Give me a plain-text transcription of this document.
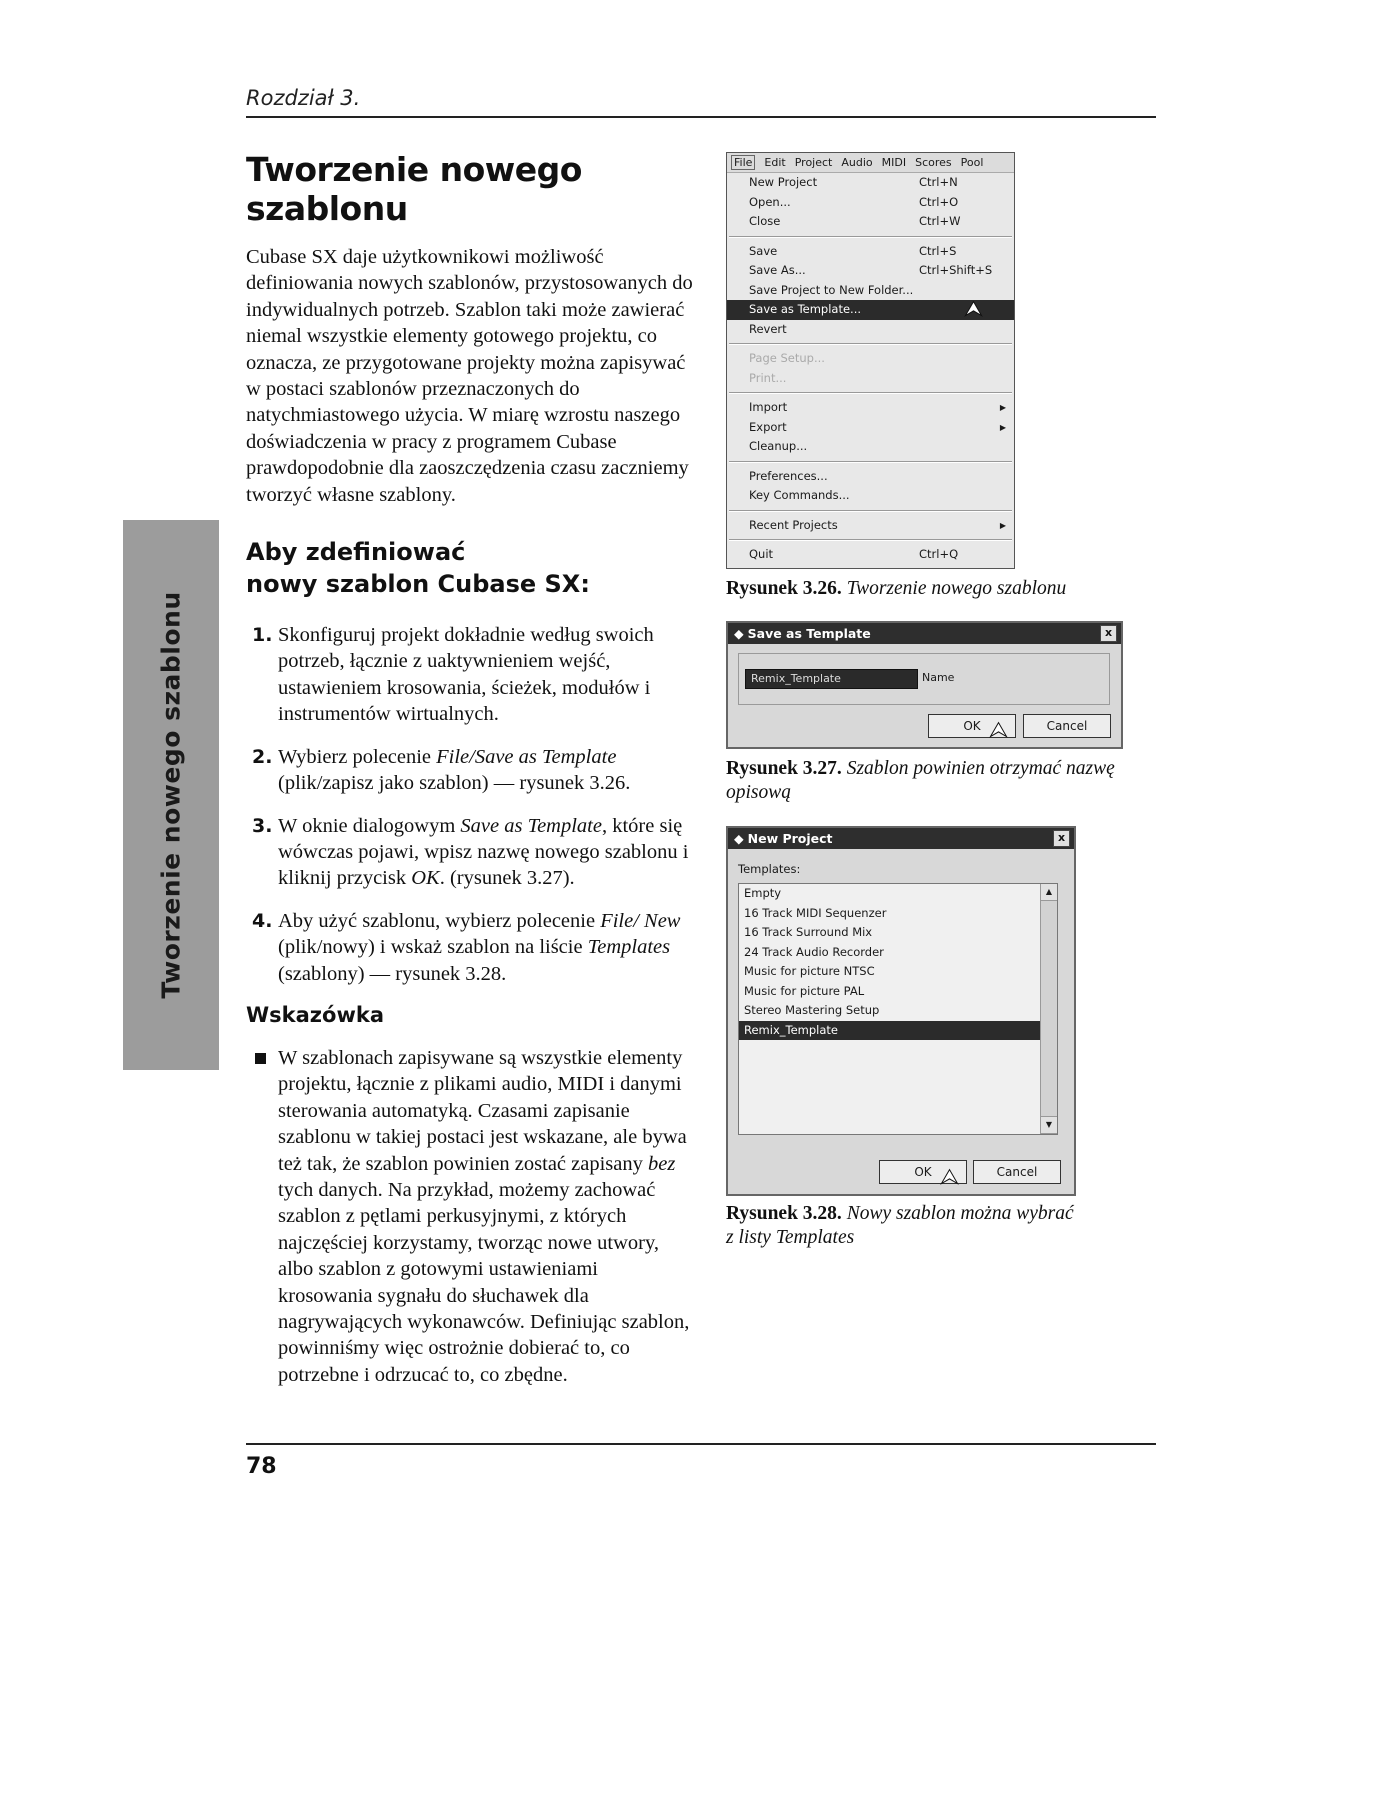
Rozdział 3.
Tworzenie nowego szablonu
Tworzenie nowego szablonu

Cubase SX daje użytkownikowi możliwość definiowania nowych szablonów, przystosowanych do indywidualnych potrzeb. Szablon taki może zawierać niemal wszystkie elementy gotowego projektu, co oznacza, ze przygotowane projekty można zapisywać w postaci szablonów przeznaczonych do natychmiastowego użycia. W miarę wzrostu naszego doświadczenia w pracy z programem Cubase prawdopodobnie dla zaoszczędzenia czasu zaczniemy tworzyć własne szablony.

Aby zdefiniować
nowy szablon Cubase SX:
1. Skonfiguruj projekt dokładnie według swoich potrzeb, łącznie z uaktywnieniem wejść, ustawieniem krosowania, ścieżek, modułów i instrumentów wirtualnych.
2. Wybierz polecenie File/Save as Template (plik/zapisz jako szablon) — rysunek 3.26.
3. W oknie dialogowym Save as Template, które się wówczas pojawi, wpisz nazwę nowego szablonu i kliknij przycisk OK. (rysunek 3.27).
4. Aby użyć szablonu, wybierz polecenie File/ New (plik/nowy) i wskaż szablon na liście Templates (szablony) — rysunek 3.28.
Wskazówka
W szablonach zapisywane są wszystkie elementy projektu, łącznie z plikami audio, MIDI i danymi sterowania automatyką. Czasami zapisanie szablonu w takiej postaci jest wskazane, ale bywa też tak, że szablon powinien zostać zapisany bez tych danych. Na przykład, możemy zachować szablon z pętlami perkusyjnymi, z których najczęściej korzystamy, tworząc nowe utwory, albo szablon z gotowymi ustawieniami krosowania sygnału do słuchawek dla nagrywających wykonawców. Definiując szablon, powinniśmy więc ostrożnie dobierać to, co potrzebne i odrzucać to, co zbędne.
File Edit Project Audio MIDI Scores Pool
New Project	Ctrl+N
Open...	Ctrl+O
Close	Ctrl+W
Save	Ctrl+S
Save As...	Ctrl+Shift+S
Save Project to New Folder...
Save as Template...
Revert
Page Setup...
Print...
Import	▶
Export	▶
Cleanup...
Preferences...
Key Commands...
Recent Projects	▶
Quit	Ctrl+Q
⮝
Rysunek 3.26. Tworzenie nowego szablonu
◆ Save as Template	x
Remix_Template	Name
OK	Cancel
⮝
Rysunek 3.27. Szablon powinien otrzymać nazwę opisową
◆ New Project	x
Templates:
Empty
16 Track MIDI Sequenzer
16 Track Surround Mix
24 Track Audio Recorder
Music for picture NTSC
Music for picture PAL
Stereo Mastering Setup
Remix_Template
▲
▼
OK	Cancel
⮝
Rysunek 3.28. Nowy szablon można wybrać
z listy Templates
78
